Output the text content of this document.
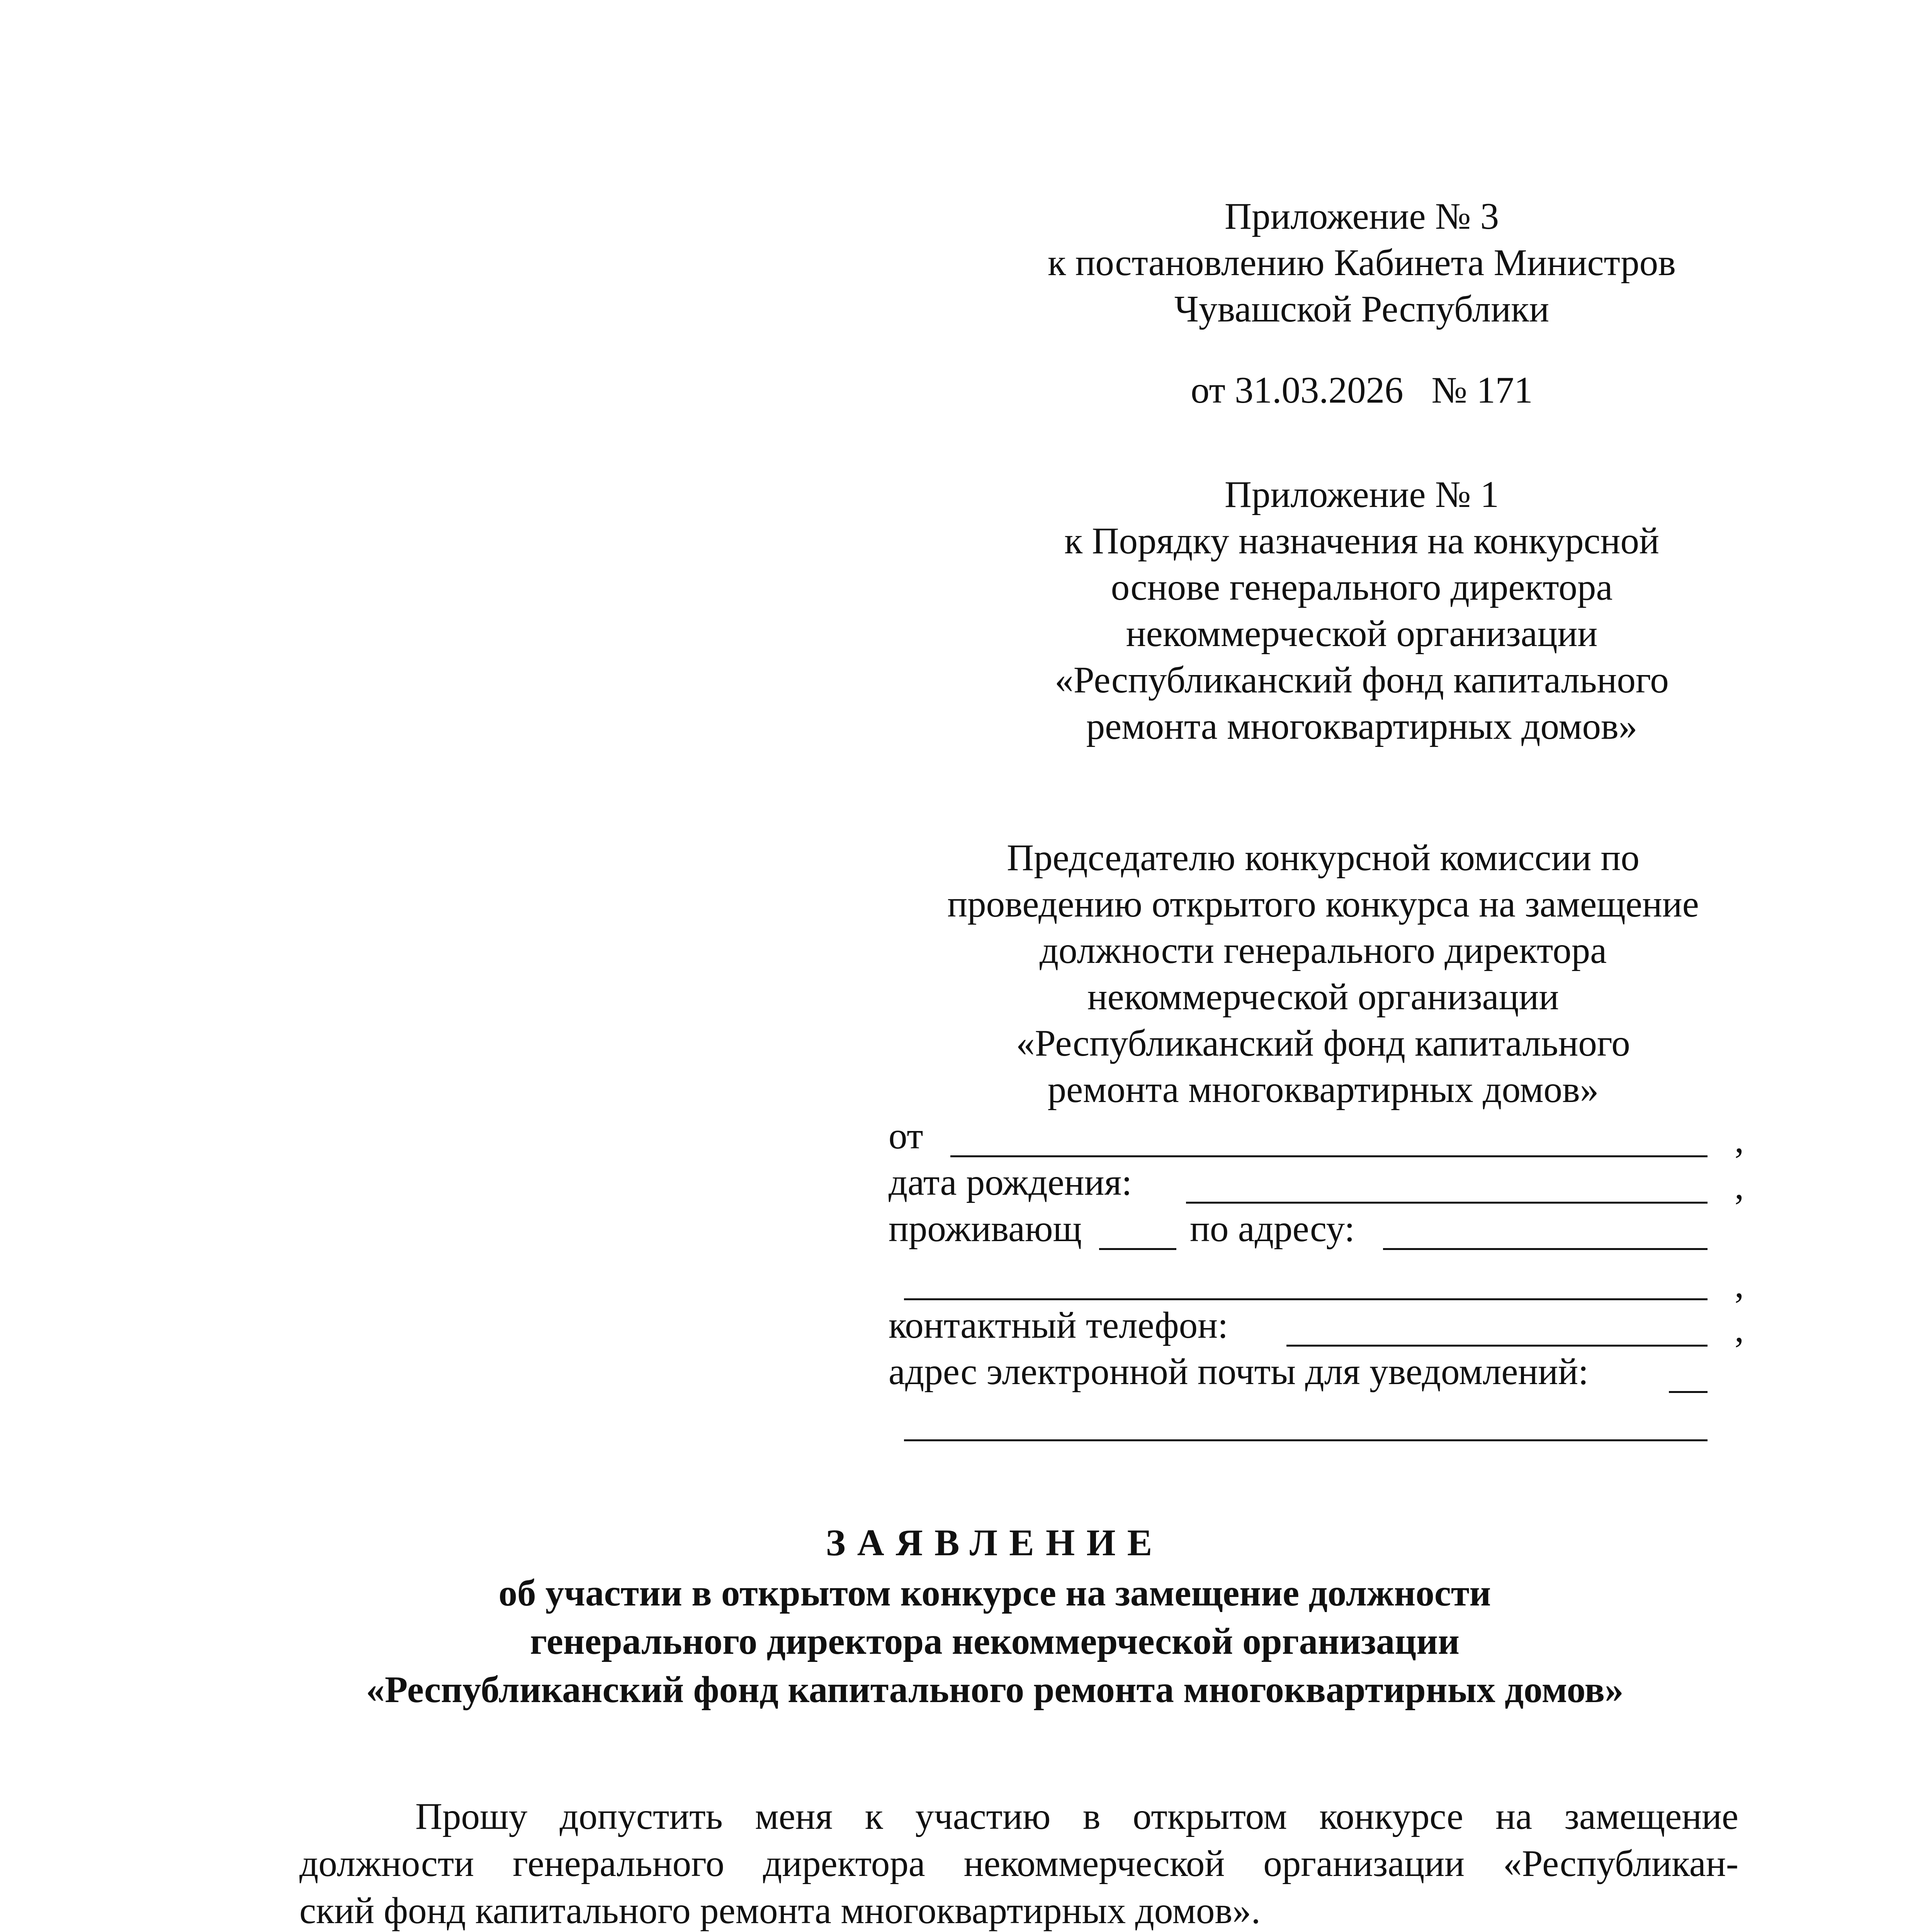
Приложение № 3
к постановлению Кабинета Министров
Чувашской Республики
от 31.03.2026   № 171
Приложение № 1
к Порядку назначения на конкурсной
основе генерального директора
некоммерческой организации
«Республиканский фонд капитального
ремонта многоквартирных домов»
Председателю конкурсной комиссии по
проведению открытого конкурса на замещение
должности генерального директора
некоммерческой организации
«Республиканский фонд капитального
ремонта многоквартирных домов»
от	,
дата рождения:	,
проживающ	по адресу:
,
контактный телефон:	,
адрес электронной почты для уведомлений:
ЗАЯВЛЕНИЕ
об участии в открытом конкурсе на замещение должности
генерального директора некоммерческой организации
«Республиканский фонд капитального ремонта многоквартирных домов»
Прошу допустить меня к участию в открытом конкурсе на замещение
должности генерального директора некоммерческой организации «Республикан-
ский фонд капитального ремонта многоквартирных домов».
